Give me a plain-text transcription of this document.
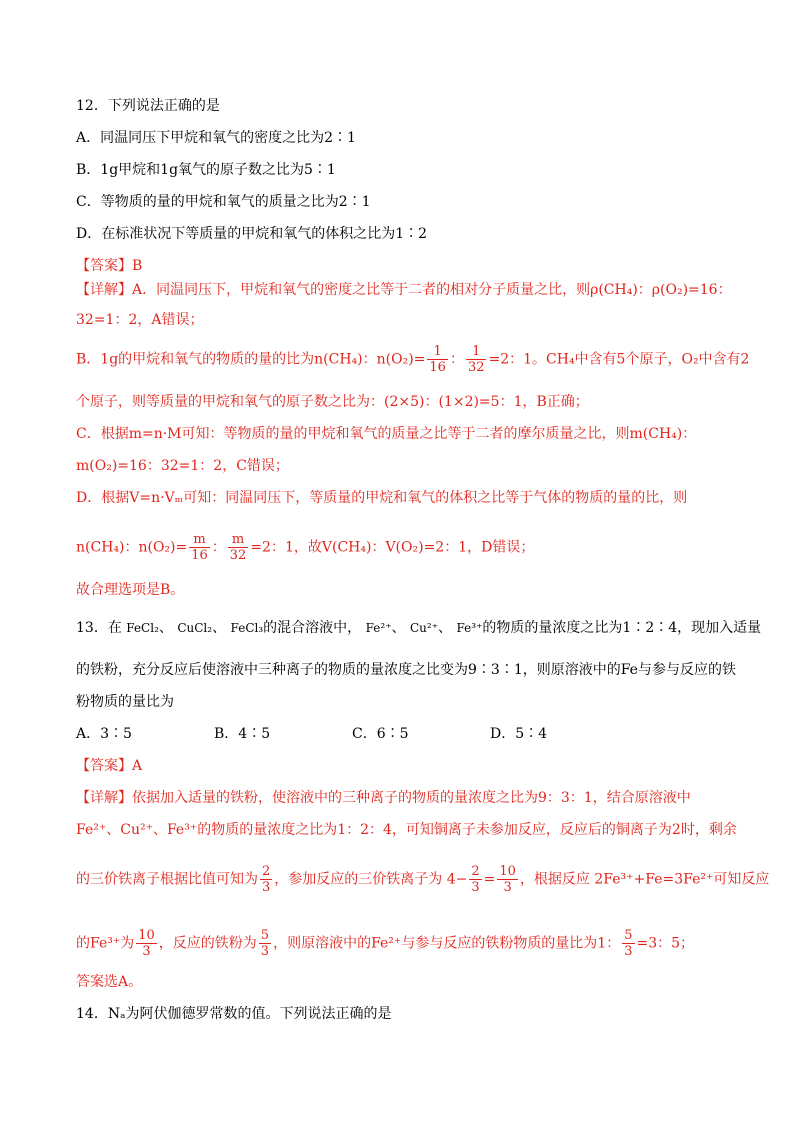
12．下列说法正确的是
A．同温同压下甲烷和氧气的密度之比为2∶1
B．1g甲烷和1g氧气的原子数之比为5∶1
C．等物质的量的甲烷和氧气的质量之比为2∶1
D．在标准状况下等质量的甲烷和氧气的体积之比为1∶2
【答案】B
【详解】A．同温同压下，甲烷和氧气的密度之比等于二者的相对分子质量之比，则ρ(CH₄)：ρ(O₂)=16：
32=1：2，A错误；
B．1g的甲烷和氧气的物质的量的比为n(CH₄)：$n(O_2)= \frac{1}{16}$ ： $\frac{1}{32} =2$：1。CH₄中含有5个原子，O₂中含有2
个原子，则等质量的甲烷和氧气的原子数之比为：(2×5)：(1×2)=5：1，B正确；
C．根据m=n·M可知：等物质的量的甲烷和氧气的质量之比等于二者的摩尔质量之比，则m(CH₄)：
m(O₂)=16：32=1：2，C错误；
D．根据V=n·Vₘ可知：同温同压下，等质量的甲烷和氧气的体积之比等于气体的物质的量的比，则
n(CH₄)：$n(O_2)= \frac{m}{16}$ ： $\frac{m}{32} =2$：1，故V(CH₄)：V(O₂)=2：1，D错误；
故合理选项是B。
13．在 FeCl₂、 CuCl₂、 FeCl₃的混合溶液中， Fe²⁺、 Cu²⁺、 Fe³⁺的物质的量浓度之比为1∶2∶4，现加入适量
的铁粉，充分反应后使溶液中三种离子的物质的量浓度之比变为9∶3∶1，则原溶液中的Fe与参与反应的铁
粉物质的量比为
A．3∶5	B．4∶5	C．6∶5	D．5∶4
【答案】A
【详解】依据加入适量的铁粉，使溶液中的三种离子的物质的量浓度之比为9：3：1，结合原溶液中
Fe²⁺、Cu²⁺、Fe³⁺的物质的量浓度之比为1：2：4，可知铜离子未参加反应，反应后的铜离子为2时，剩余
的三价铁离子根据比值可知为 $\frac{2}{3}$ ，参加反应的三价铁离子为 $4- \frac{2}{3} = \frac{10}{3}$ ，根据反应 2Fe³⁺+Fe=3Fe²⁺可知反应
的Fe³⁺为 $\frac{10}{3}$ ，反应的铁粉为 $\frac{5}{3}$ ，则原溶液中的Fe²⁺与参与反应的铁粉物质的量比为1： $\frac{5}{3} =3$：5；
答案选A。
14．Nₐ为阿伏伽德罗常数的值。下列说法正确的是
